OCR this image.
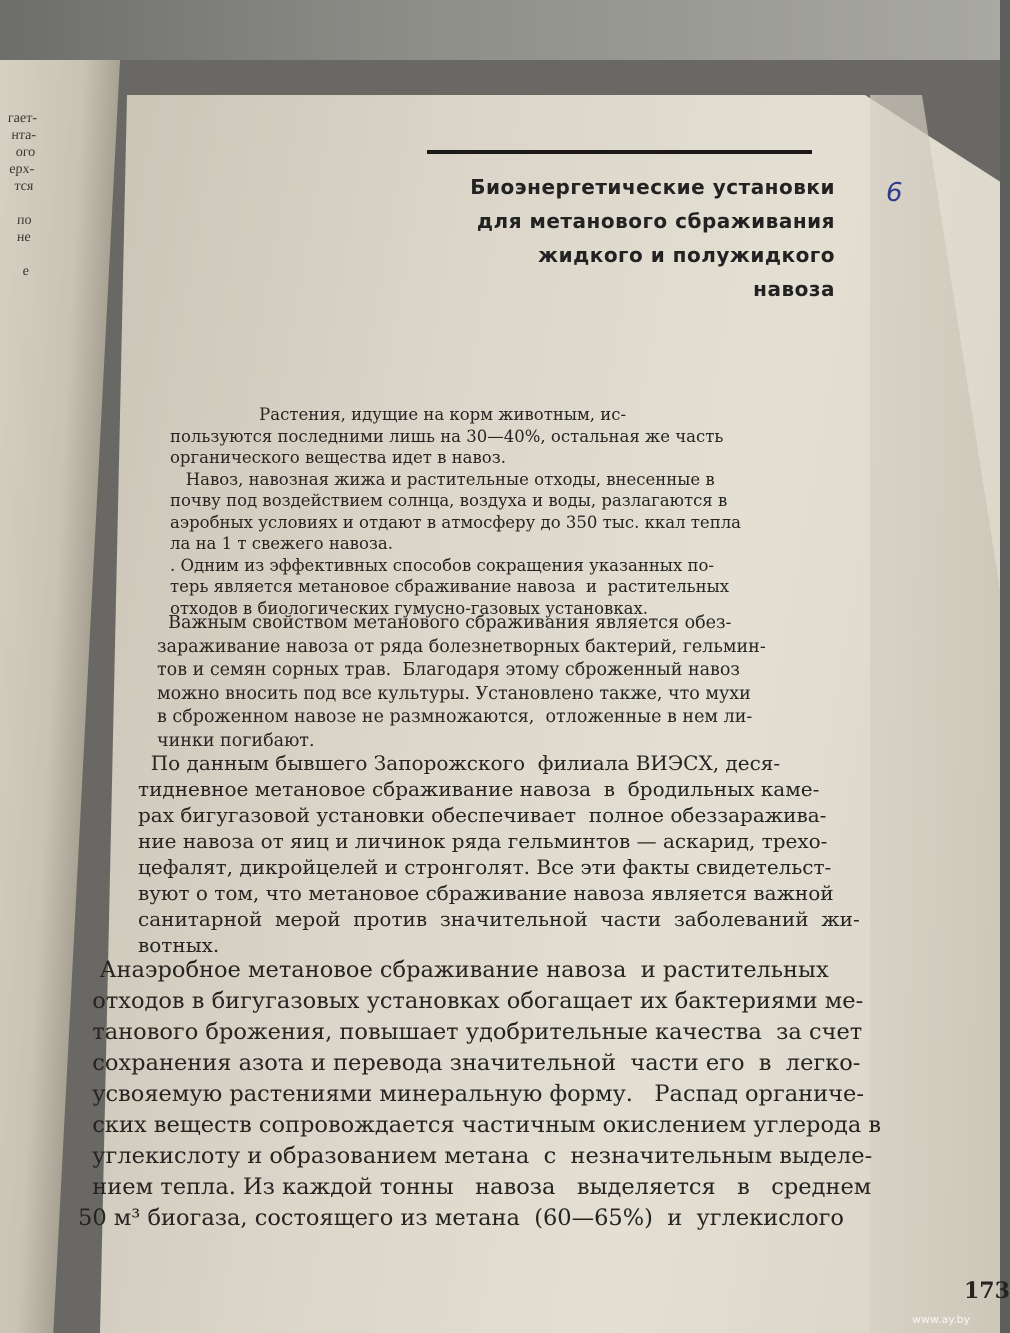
гает-
нта-
ого
ерх-
тся

по
не

е
Биоэнергетические установки
для метанового сбраживания
жидкого и полужидкого
навоза
6
Растения, идущие на корм животным, ис-
пользуются последними лишь на 30—40%, остальная же часть
органического вещества идет в навоз.
Навоз, навозная жижа и растительные отходы, внесенные в
почву под воздействием солнца, воздуха и воды, разлагаются в
аэробных условиях и отдают в атмосферу до 350 тыс. ккал тепла
ла на 1 т свежего навоза.
. Одним из эффективных способов сокращения указанных по-
терь является метановое сбраживание навоза  и  растительных
отходов в биологических гумусно-газовых установках.
Важным свойством метанового сбраживания является обез-
зараживание навоза от ряда болезнетворных бактерий, гельмин-
тов и семян сорных трав.  Благодаря этому сброженный навоз
можно вносить под все культуры. Установлено также, что мухи
в сброженном навозе не размножаются,  отложенные в нем ли-
чинки погибают.
По данным бывшего Запорожского  филиала ВИЭСХ, деся-
тидневное метановое сбраживание навоза  в  бродильных каме-
рах бигугазовой установки обеспечивает  полное обеззаражива-
ние навоза от яиц и личинок ряда гельминтов — аскарид, трехо-
цефалят, дикройцелей и стронголят. Все эти факты свидетельст-
вуют о том, что метановое сбраживание навоза является важной
санитарной  мерой  против  значительной  части  заболеваний  жи-
вотных.
Анаэробное метановое сбраживание навоза  и растительных
отходов в бигугазовых установках обогащает их бактериями ме-
танового брожения, повышает удобрительные качества  за счет
сохранения азота и перевода значительной  части его  в  легко-
усвояемую растениями минеральную форму.   Распад органиче-
ских веществ сопровождается частичным окислением углерода в
углекислоту и образованием метана  с  незначительным выделе-
нием тепла. Из каждой тонны   навоза   выделяется   в   среднем
50 м³ биогаза, состоящего из метана  (60—65%)  и  углекислого
173
www.ay.by
